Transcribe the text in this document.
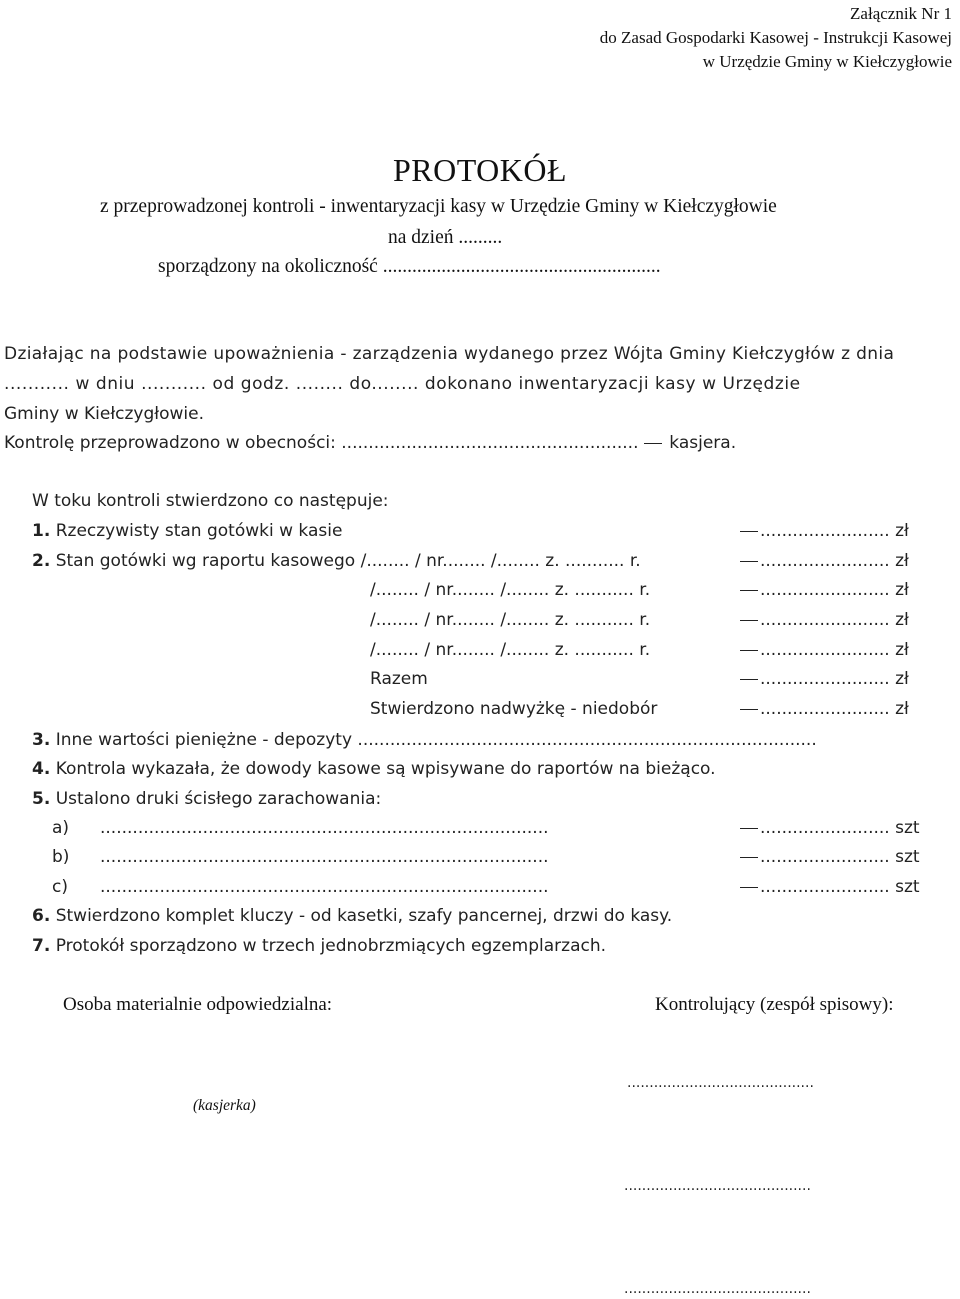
Załącznik Nr 1
do Zasad Gospodarki Kasowej - Instrukcji Kasowej
w Urzędzie Gminy w Kiełczygłowie
PROTOKÓŁ
z przeprowadzonej kontroli - inwentaryzacji kasy w Urzędzie Gminy w Kiełczygłowie
na dzień .........
sporządzony na okoliczność .........................................................
Działając na podstawie upoważnienia - zarządzenia wydanego przez Wójta Gminy Kiełczygłów z dnia
........... w dniu ........... od godz. ........ do........ dokonano inwentaryzacji kasy w Urzędzie
Gminy w Kiełczygłowie.
Kontrolę przeprowadzono w obecności: ....................................................... kasjera.
W toku kontroli stwierdzono co następuje:
1. Rzeczywisty stan gotówki w kasie	........................ zł
2. Stan gotówki wg raportu kasowego /........ / nr........ /........ z. ........... r.	........................ zł
/........ / nr........ /........ z. ........... r.	........................ zł
/........ / nr........ /........ z. ........... r.	........................ zł
/........ / nr........ /........ z. ........... r.	........................ zł
Razem	........................ zł
Stwierdzono nadwyżkę - niedobór	........................ zł
3. Inne wartości pieniężne - depozyty .....................................................................................
4. Kontrola wykazała, że dowody kasowe są wpisywane do raportów na bieżąco.
5. Ustalono druki ścisłego zarachowania:
a) ...................................................................................	........................ szt
b) ...................................................................................	........................ szt
c) ...................................................................................	........................ szt
6. Stwierdzono komplet kluczy - od kasetki, szafy pancernej, drzwi do kasy.
7. Protokół sporządzono w trzech jednobrzmiących egzemplarzach.
Osoba materialnie odpowiedzialna:	Kontrolujący (zespół spisowy):
(kasjerka)
..........................................
..........................................
..........................................
